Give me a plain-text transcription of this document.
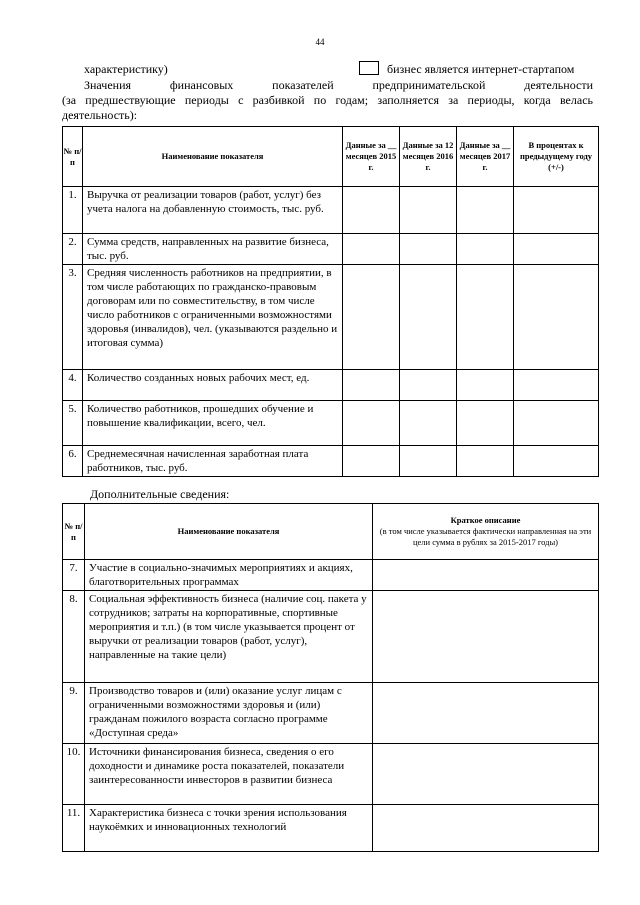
44
характеристику)	бизнес является интернет-стартапом
Значения финансовых показателей предпринимательской деятельности
(за предшествующие периоды с разбивкой по годам; заполняется за периоды, когда велась деятельность):
№ п/п	Наименование показателя	Данные за __ месяцев 2015 г.	Данные за 12 месяцев 2016 г.	Данные за __ месяцев 2017 г.	В процентах к предыдущему году (+/-)
1.	Выручка от реализации товаров (работ, услуг) без учета налога на добавленную стоимость, тыс. руб.				
2.	Сумма средств, направленных на развитие бизнеса, тыс. руб.				
3.	Средняя численность работников на предприятии, в том числе работающих по гражданско-правовым договорам или по совместительству, в том числе число работников с ограниченными возможностями здоровья (инвалидов), чел. (указываются раздельно и итоговая сумма)				
4.	Количество созданных новых рабочих мест, ед.				
5.	Количество работников, прошедших обучение и повышение квалификации, всего, чел.				
6.	Среднемесячная начисленная заработная плата работников, тыс. руб.				
Дополнительные сведения:
№ п/п	Наименование показателя	Краткое описание
(в том числе указывается фактически направленная на эти цели сумма в рублях за 2015-2017 годы)

7.	Участие в социально-значимых мероприятиях и акциях, благотворительных программах	
8.	Социальная эффективность бизнеса (наличие соц. пакета у сотрудников; затраты на корпоративные, спортивные мероприятия и т.п.) (в том числе указывается процент от выручки от реализации товаров (работ, услуг), направленные на такие цели)	
9.	Производство товаров и (или) оказание услуг лицам с ограниченными возможностями здоровья и (или) гражданам пожилого возраста согласно программе «Доступная среда»	
10.	Источники финансирования бизнеса, сведения о его доходности и динамике роста показателей, показатели заинтересованности инвесторов в развитии бизнеса	
11.	Характеристика бизнеса с точки зрения использования наукоёмких и инновационных технологий	
